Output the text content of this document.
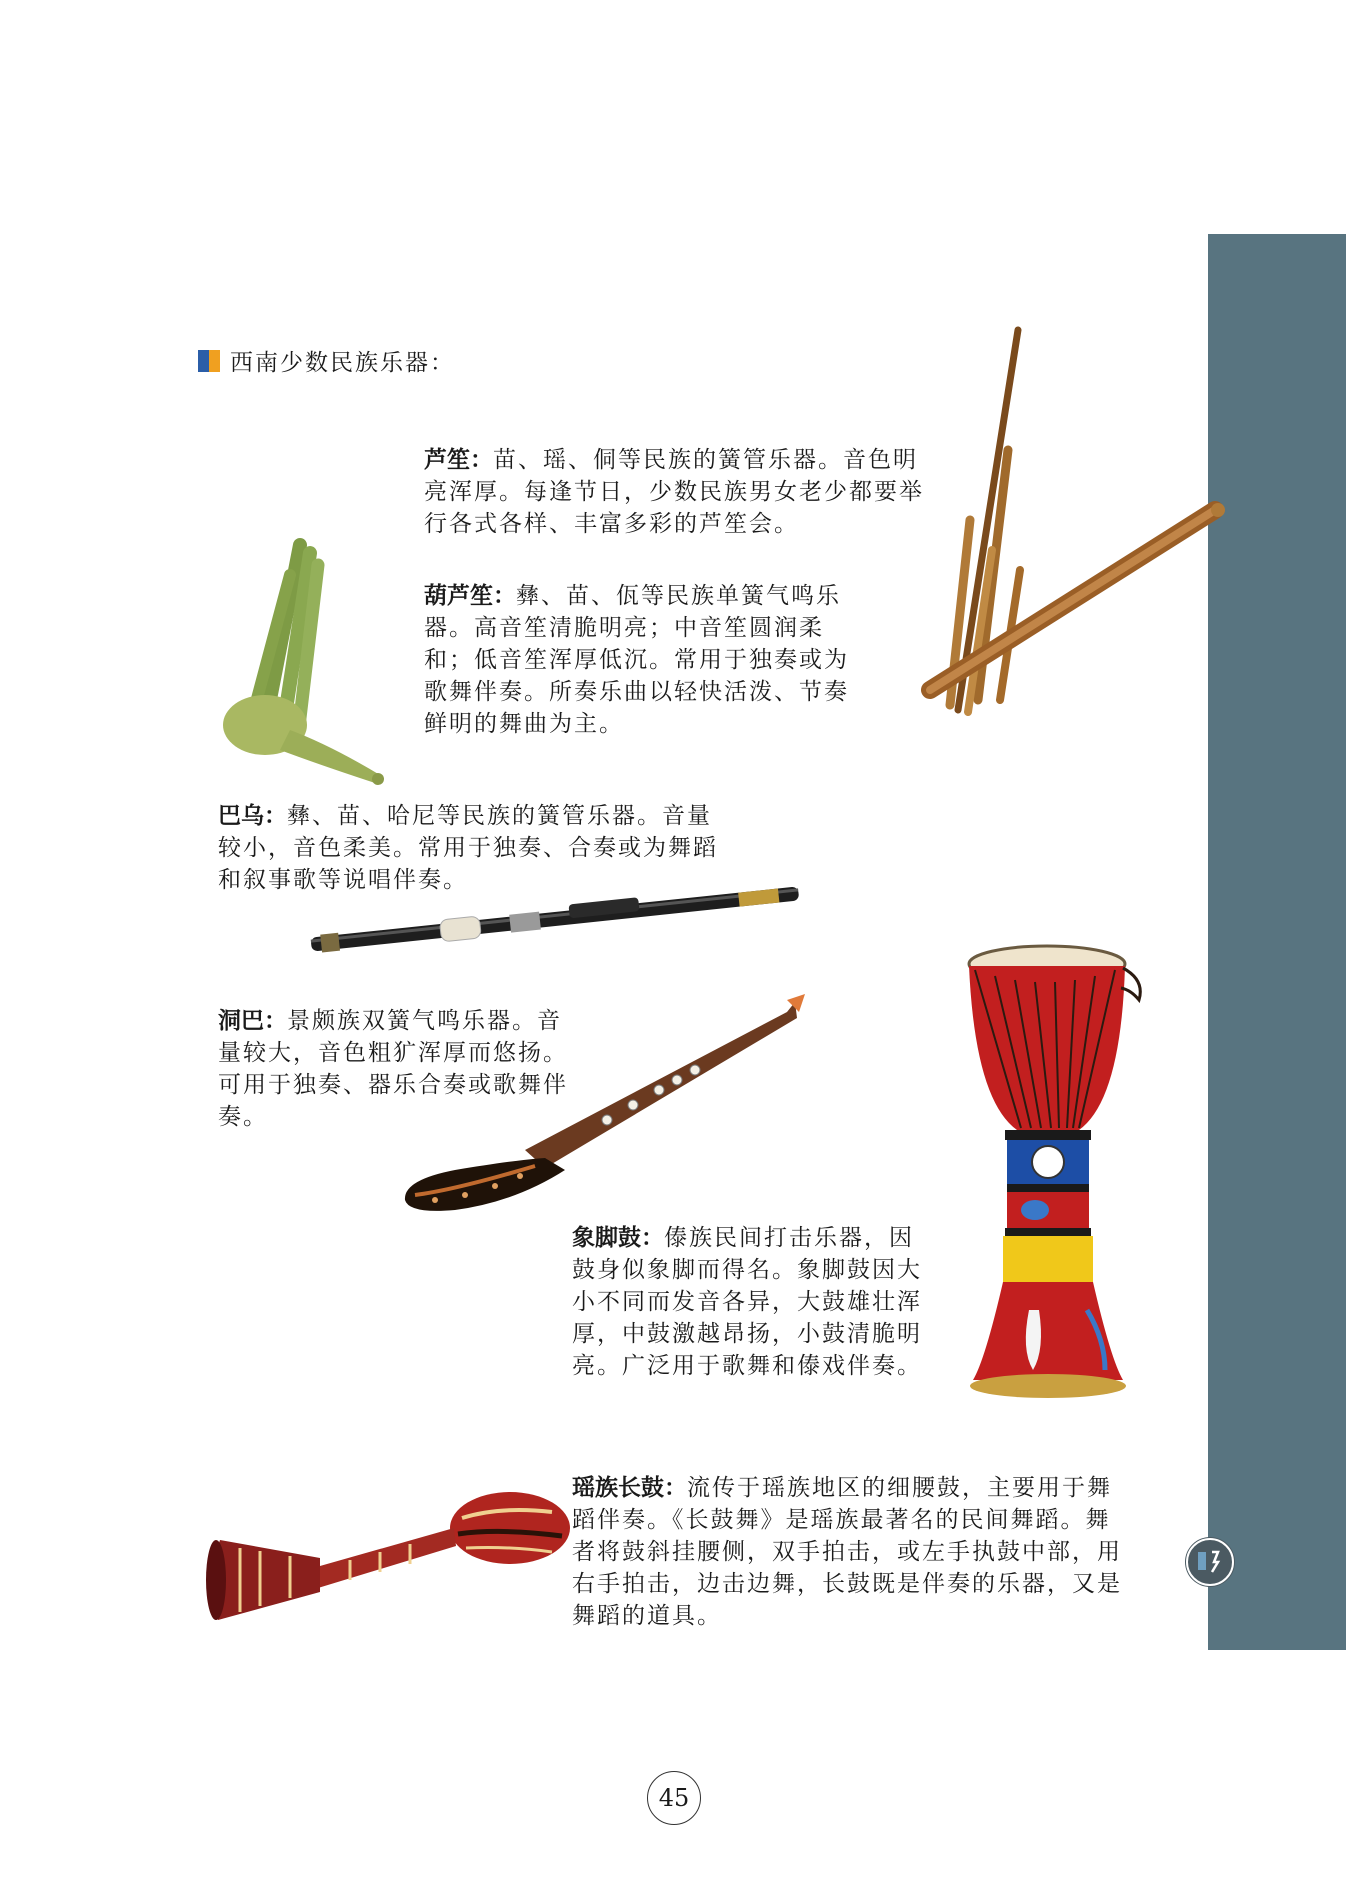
西南少数民族乐器：

芦笙：苗、瑶、侗等民族的簧管乐器。音色明亮浑厚。每逢节日，少数民族男女老少都要举行各式各样、丰富多彩的芦笙会。

葫芦笙：彝、苗、佤等民族单簧气鸣乐器。高音笙清脆明亮；中音笙圆润柔和；低音笙浑厚低沉。常用于独奏或为歌舞伴奏。所奏乐曲以轻快活泼、节奏鲜明的舞曲为主。

巴乌：彝、苗、哈尼等民族的簧管乐器。音量较小，音色柔美。常用于独奏、合奏或为舞蹈和叙事歌等说唱伴奏。

洞巴：景颇族双簧气鸣乐器。音量较大，音色粗犷浑厚而悠扬。可用于独奏、器乐合奏或歌舞伴奏。

象脚鼓：傣族民间打击乐器，因鼓身似象脚而得名。象脚鼓因大小不同而发音各异，大鼓雄壮浑厚，中鼓激越昂扬，小鼓清脆明亮。广泛用于歌舞和傣戏伴奏。

瑶族长鼓：流传于瑶族地区的细腰鼓，主要用于舞蹈伴奏。《长鼓舞》是瑶族最著名的民间舞蹈。舞者将鼓斜挂腰侧，双手拍击，或左手执鼓中部，用右手拍击，边击边舞，长鼓既是伴奏的乐器，又是舞蹈的道具。

45
